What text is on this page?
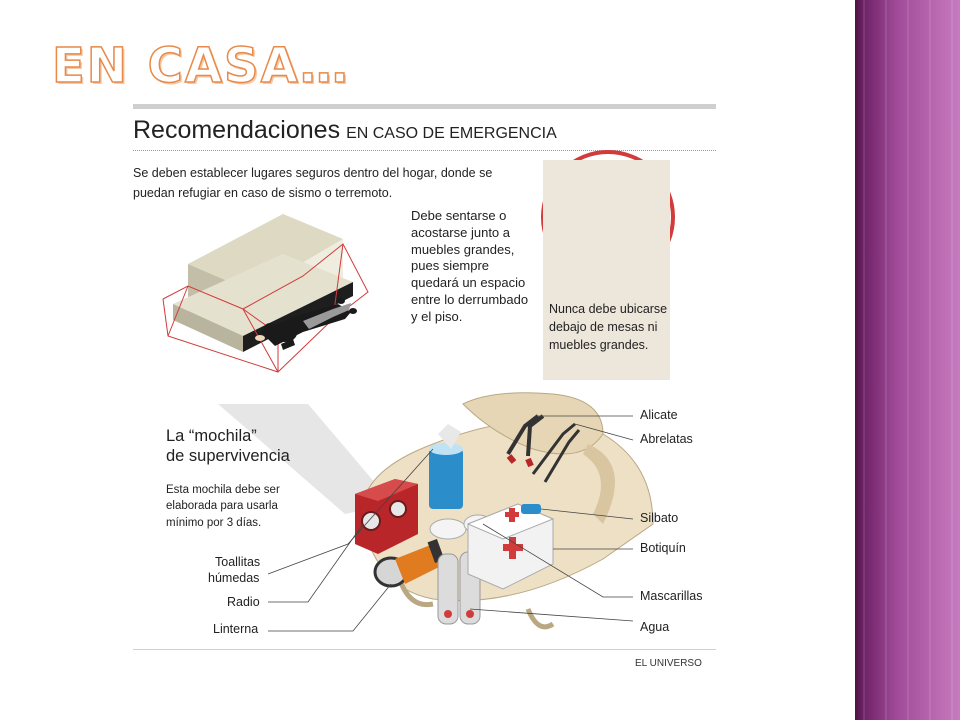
EN CASA…
Recomendaciones EN CASO DE EMERGENCIA
Se deben establecer lugares seguros dentro del hogar, donde se puedan refugiar en caso de sismo o terremoto.
Debe sentarse o acostarse junto a muebles grandes, pues siempre quedará un espacio entre lo derrumbado y el piso.	Nunca debe ubicarse debajo de mesas ni muebles grandes.
La “mochila”
de supervivencia
Esta mochila debe ser elaborada para usarla mínimo por 3 días.
Alicate
Abrelatas
Silbato
Botiquín
Mascarillas
Agua
Toallitas
húmedas
Radio
Linterna
EL UNIVERSO
